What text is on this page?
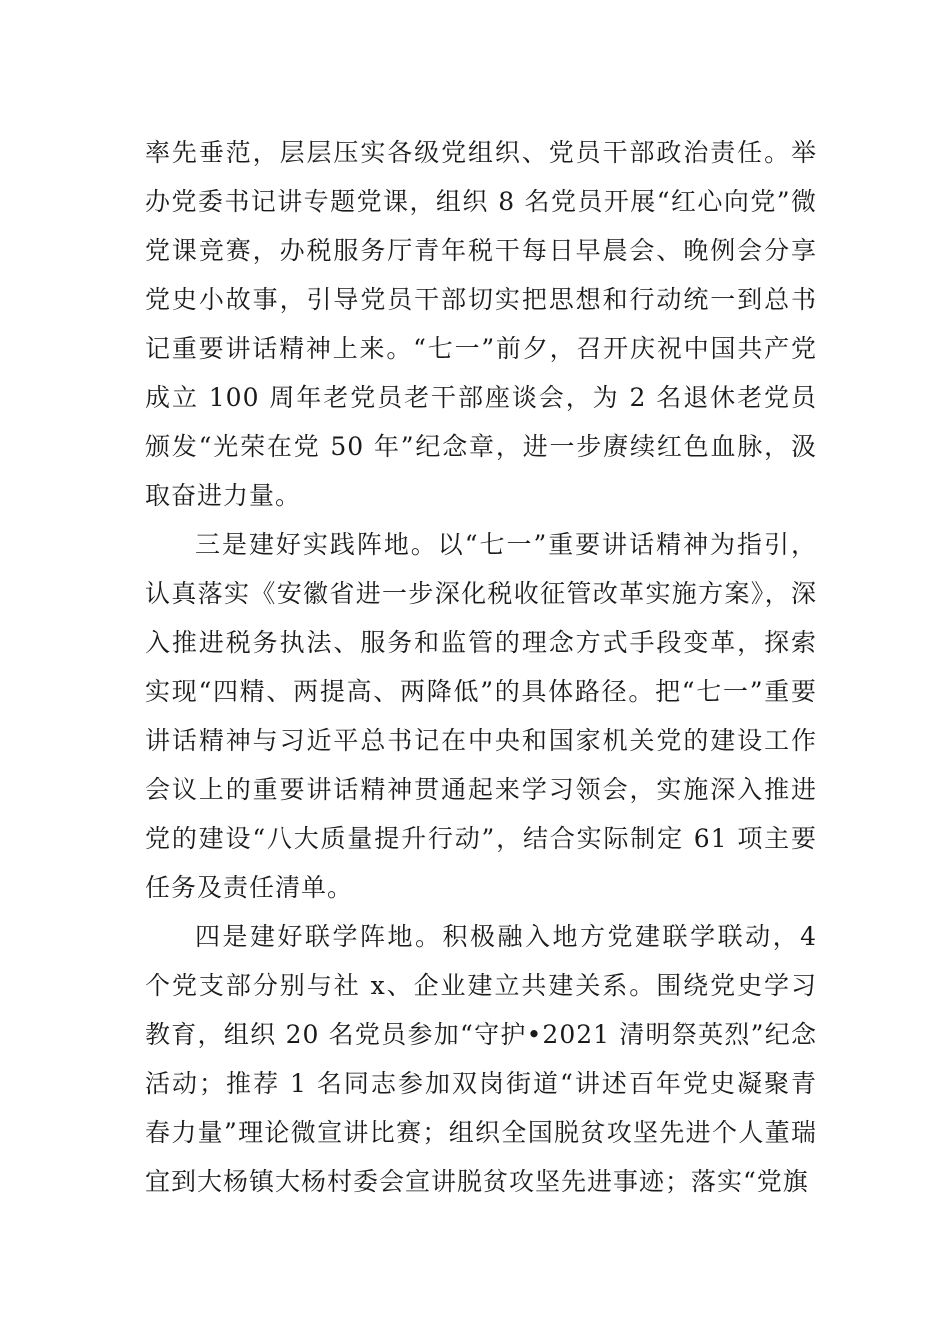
率先垂范，层层压实各级党组织、党员干部政治责任。举办党委书记讲专题党课，组织 8 名党员开展“红心向党”微党课竞赛，办税服务厅青年税干每日早晨会、晚例会分享党史小故事，引导党员干部切实把思想和行动统一到总书记重要讲话精神上来。“七一”前夕，召开庆祝中国共产党成立 100 周年老党员老干部座谈会，为 2 名退休老党员颁发“光荣在党 50 年”纪念章，进一步赓续红色血脉，汲取奋进力量。

三是建好实践阵地。以“七一”重要讲话精神为指引，认真落实《安徽省进一步深化税收征管改革实施方案》，深入推进税务执法、服务和监管的理念方式手段变革，探索实现“四精、两提高、两降低”的具体路径。把“七一”重要讲话精神与习近平总书记在中央和国家机关党的建设工作会议上的重要讲话精神贯通起来学习领会，实施深入推进党的建设“八大质量提升行动”，结合实际制定 61 项主要任务及责任清单。

四是建好联学阵地。积极融入地方党建联学联动，4 个党支部分别与社 x、企业建立共建关系。围绕党史学习教育，组织 20 名党员参加“守护•2021 清明祭英烈”纪念活动；推荐 1 名同志参加双岗街道“讲述百年党史凝聚青春力量”理论微宣讲比赛；组织全国脱贫攻坚先进个人董瑞宜到大杨镇大杨村委会宣讲脱贫攻坚先进事迹；落实“党旗
